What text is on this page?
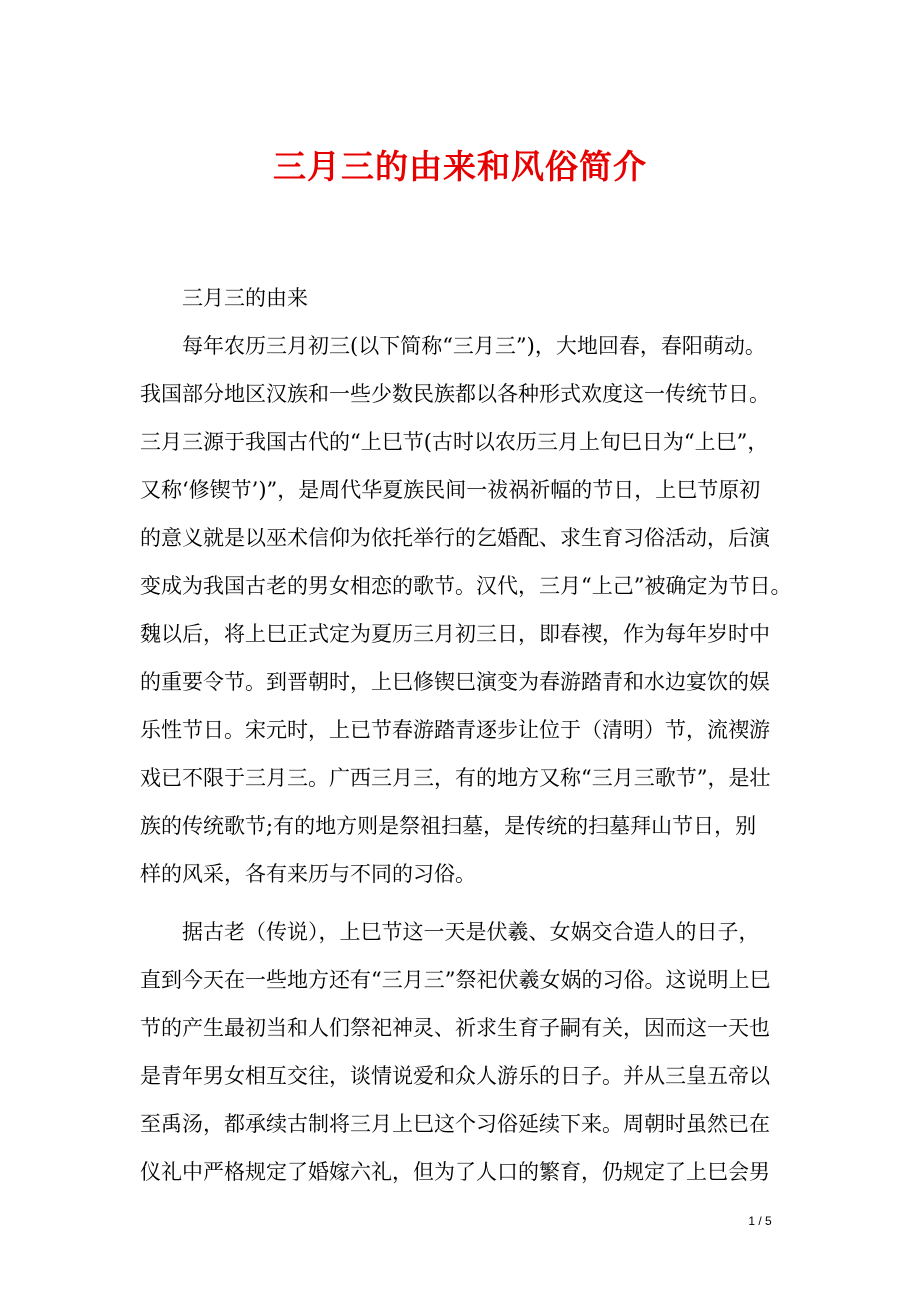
三月三的由来和风俗简介
三月三的由来
每年农历三月初三(以下简称“三月三”)，大地回春，春阳萌动。
我国部分地区汉族和一些少数民族都以各种形式欢度这一传统节日。
三月三源于我国古代的“上巳节(古时以农历三月上旬巳日为“上巳”，
又称‘修锲节’)”，是周代华夏族民间一祓祸祈幅的节日，上巳节原初
的意义就是以巫术信仰为依托举行的乞婚配、求生育习俗活动，后演
变成为我国古老的男女相恋的歌节。汉代，三月“上己”被确定为节日。
魏以后，将上巳正式定为夏历三月初三日，即春禊，作为每年岁时中
的重要令节。到晋朝时，上巳修锲巳演变为春游踏青和水边宴饮的娱
乐性节日。宋元时，上已节春游踏青逐步让位于（清明）节，流禊游
戏已不限于三月三。广西三月三，有的地方又称“三月三歌节”，是壮
族的传统歌节;有的地方则是祭祖扫墓，是传统的扫墓拜山节日，别
样的风采，各有来历与不同的习俗。
据古老（传说），上巳节这一天是伏羲、女娲交合造人的日子，
直到今天在一些地方还有“三月三”祭祀伏羲女娲的习俗。这说明上巳
节的产生最初当和人们祭祀神灵、祈求生育子嗣有关，因而这一天也
是青年男女相互交往，谈情说爱和众人游乐的日子。并从三皇五帝以
至禹汤，都承续古制将三月上巳这个习俗延续下来。周朝时虽然已在
仪礼中严格规定了婚嫁六礼，但为了人口的繁育，仍规定了上巳会男
1 / 5
